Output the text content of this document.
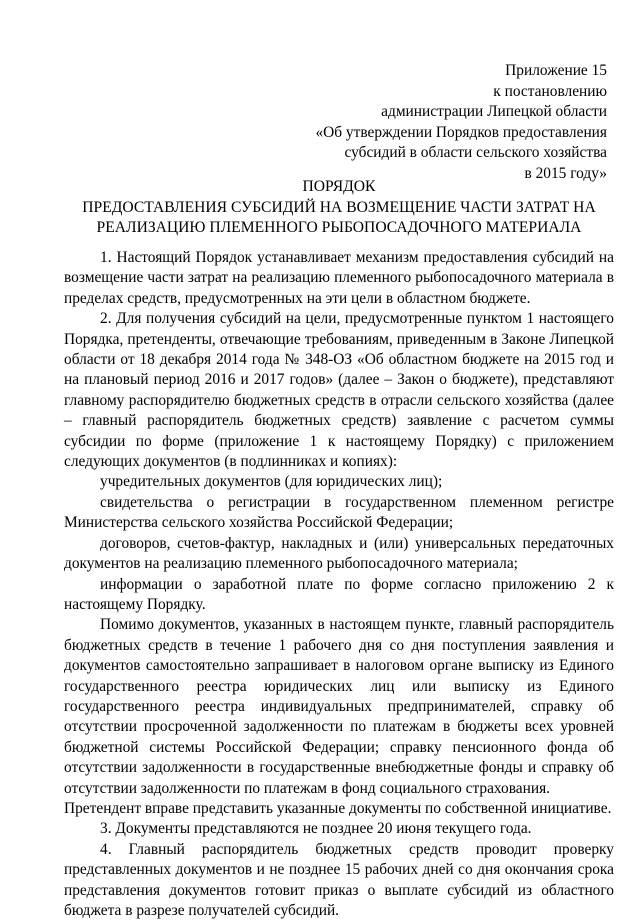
Приложение 15
к постановлению
администрации Липецкой области
«Об утверждении Порядков предоставления
субсидий в области сельского хозяйства
в 2015 году»
ПОРЯДОК
ПРЕДОСТАВЛЕНИЯ СУБСИДИЙ НА ВОЗМЕЩЕНИЕ ЧАСТИ ЗАТРАТ НА
РЕАЛИЗАЦИЮ ПЛЕМЕННОГО РЫБОПОСАДОЧНОГО МАТЕРИАЛА

1. Настоящий Порядок устанавливает механизм предоставления субсидий на возмещение части затрат на реализацию племенного рыбопосадочного материала в пределах средств, предусмотренных на эти цели в областном бюджете.

2. Для получения субсидий на цели, предусмотренные пунктом 1 настоящего Порядка, претенденты, отвечающие требованиям, приведенным в Законе Липецкой области от 18 декабря 2014 года № 348-ОЗ «Об областном бюджете на 2015 год и на плановый период 2016 и 2017 годов» (далее – Закон о бюджете), представляют главному распорядителю бюджетных средств в отрасли сельского хозяйства (далее – главный распорядитель бюджетных средств) заявление с расчетом суммы субсидии по форме (приложение 1 к настоящему Порядку) с приложением следующих документов (в подлинниках и копиях):

учредительных документов (для юридических лиц);

свидетельства о регистрации в государственном племенном регистре Министерства сельского хозяйства Российской Федерации;

договоров, счетов-фактур, накладных и (или) универсальных передаточных документов на реализацию племенного рыбопосадочного материала;

информации о заработной плате по форме согласно приложению 2 к настоящему Порядку.

Помимо документов, указанных в настоящем пункте, главный распорядитель бюджетных средств в течение 1 рабочего дня со дня поступления заявления и документов самостоятельно запрашивает в налоговом органе выписку из Единого государственного реестра юридических лиц или выписку из Единого государственного реестра индивидуальных предпринимателей, справку об отсутствии просроченной задолженности по платежам в бюджеты всех уровней бюджетной системы Российской Федерации; справку пенсионного фонда об отсутствии задолженности в государственные внебюджетные фонды и справку об отсутствии задолженности по платежам в фонд социального страхования.

Претендент вправе представить указанные документы по собственной инициативе.

3. Документы представляются не позднее 20 июня текущего года.

4. Главный распорядитель бюджетных средств проводит проверку представленных документов и не позднее 15 рабочих дней со дня окончания срока представления документов готовит приказ о выплате субсидий из областного бюджета в разрезе получателей субсидий.
